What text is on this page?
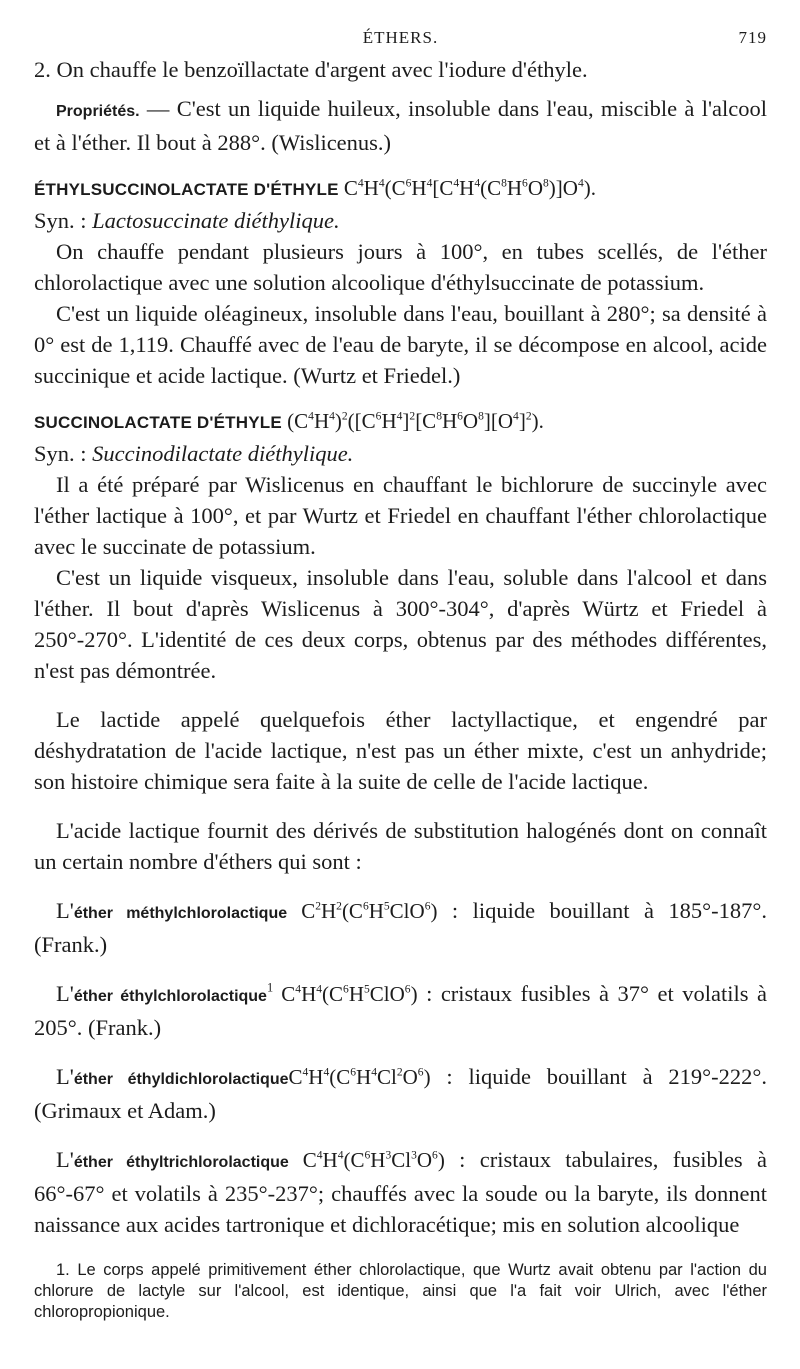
ÉTHERS.	719

2. On chauffe le benzoïllactate d'argent avec l'iodure d'éthyle.

Propriétés. — C'est un liquide huileux, insoluble dans l'eau, miscible à l'alcool et à l'éther. Il bout à 288°. (Wislicenus.)

ÉTHYLSUCCINOLACTATE D'ÉTHYLE $C^4H^4(C^6H^4[C^4H^4(C^8H^6O^8)]O^4)$.

Syn. : Lactosuccinate diéthylique.

On chauffe pendant plusieurs jours à 100°, en tubes scellés, de l'éther chlorolactique avec une solution alcoolique d'éthylsuccinate de potassium.

C'est un liquide oléagineux, insoluble dans l'eau, bouillant à 280°; sa densité à 0° est de 1,119. Chauffé avec de l'eau de baryte, il se décompose en alcool, acide succinique et acide lactique. (Wurtz et Friedel.)

SUCCINOLACTATE D'ÉTHYLE $(C^4H^4)^2([C^6H^4]^2[C^8H^6O^8][O^4]^2)$.

Syn. : Succinodilactate diéthylique.

Il a été préparé par Wislicenus en chauffant le bichlorure de succinyle avec l'éther lactique à 100°, et par Wurtz et Friedel en chauffant l'éther chlorolactique avec le succinate de potassium.

C'est un liquide visqueux, insoluble dans l'eau, soluble dans l'alcool et dans l'éther. Il bout d'après Wislicenus à 300°-304°, d'après Würtz et Friedel à 250°-270°. L'identité de ces deux corps, obtenus par des méthodes différentes, n'est pas démontrée.

Le lactide appelé quelquefois éther lactyllactique, et engendré par déshydratation de l'acide lactique, n'est pas un éther mixte, c'est un anhydride; son histoire chimique sera faite à la suite de celle de l'acide lactique.

L'acide lactique fournit des dérivés de substitution halogénés dont on connaît un certain nombre d'éthers qui sont :

L'éther méthylchlorolactique $C^2H^2(C^6H^5ClO^6)$ : liquide bouillant à 185°-187°. (Frank.)

L'éther éthylchlorolactique$^1$ $C^4H^4(C^6H^5ClO^6)$ : cristaux fusibles à 37° et volatils à 205°. (Frank.)

L'éther $éthyldichlorolactiqueC^4H^4(C^6H^4Cl^2O^6)$ : liquide bouillant à 219°-222°. (Grimaux et Adam.)

L'éther éthyltrichlorolactique $C^4H^4(C^6H^3Cl^3O^6)$ : cristaux tabulaires, fusibles à 66°-67° et volatils à 235°-237°; chauffés avec la soude ou la baryte, ils donnent naissance aux acides tartronique et dichloracétique; mis en solution alcoolique

1. Le corps appelé primitivement éther chlorolactique, que Wurtz avait obtenu par l'action du chlorure de lactyle sur l'alcool, est identique, ainsi que l'a fait voir Ulrich, avec l'éther chloropropionique.
